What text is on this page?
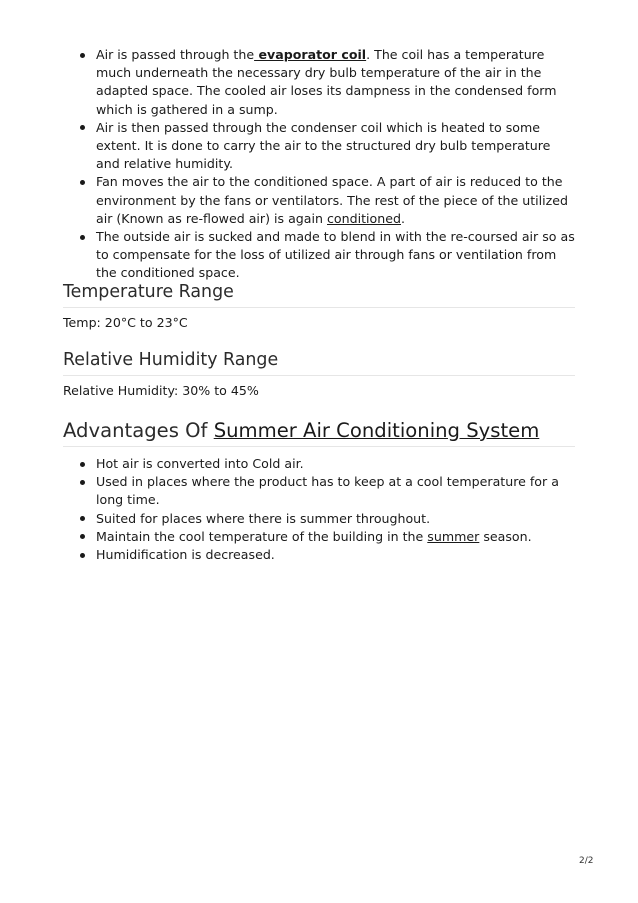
Air is passed through the evaporator coil. The coil has a temperature much underneath the necessary dry bulb temperature of the air in the adapted space. The cooled air loses its dampness in the condensed form which is gathered in a sump.
Air is then passed through the condenser coil which is heated to some extent. It is done to carry the air to the structured dry bulb temperature and relative humidity.
Fan moves the air to the conditioned space. A part of air is reduced to the environment by the fans or ventilators. The rest of the piece of the utilized air (Known as re-flowed air) is again conditioned.
The outside air is sucked and made to blend in with the re-coursed air so as to compensate for the loss of utilized air through fans or ventilation from the conditioned space.
Temperature Range

Temp: 20°C to 23°C

Relative Humidity Range

Relative Humidity: 30% to 45%

Advantages Of Summer Air Conditioning System
Hot air is converted into Cold air.
Used in places where the product has to keep at a cool temperature for a long time.
Suited for places where there is summer throughout.
Maintain the cool temperature of the building in the summer season.
Humidification is decreased.
2/2
